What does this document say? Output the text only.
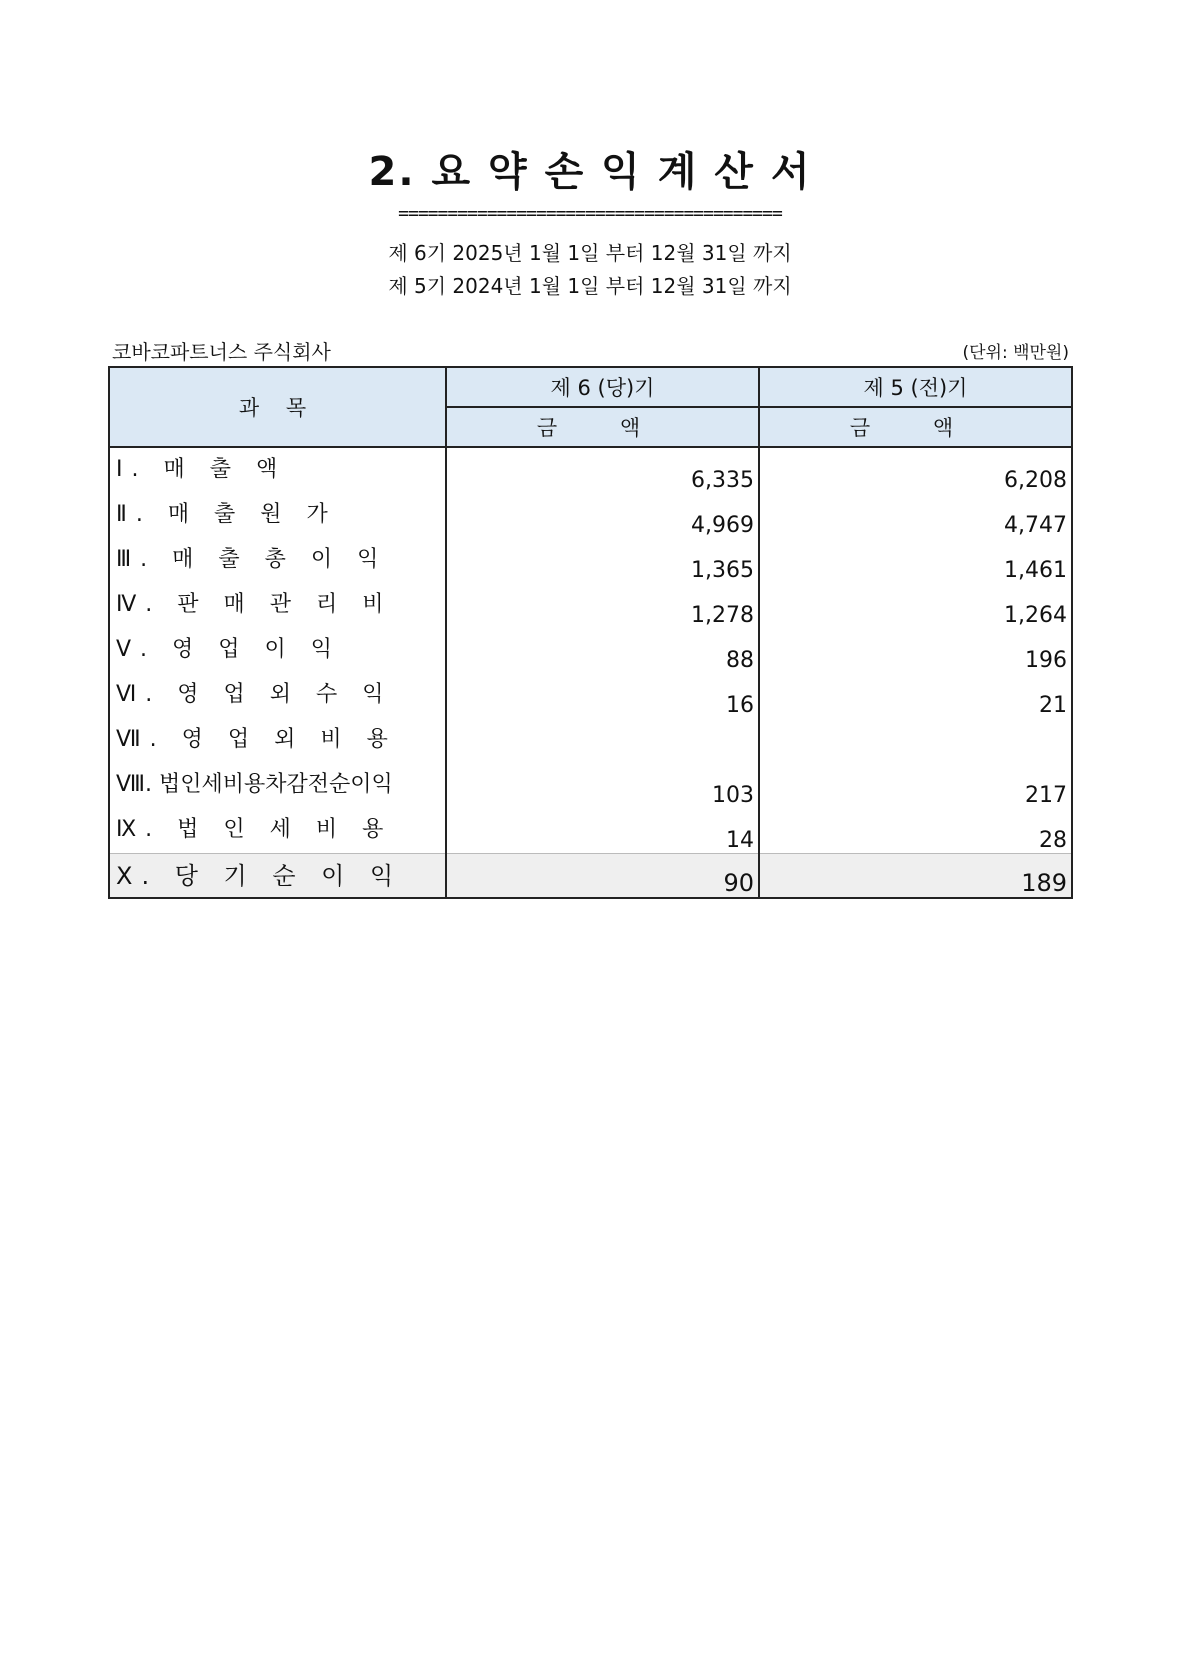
2. 요 약 손 익 계 산 서
=======================================
제 6기 2025년 1월 1일 부터 12월 31일 까지
제 5기 2024년 1월 1일 부터 12월 31일 까지
코바코파트너스 주식회사	(단위: 백만원)
과 목	제 6 (당)기	제 5 (전)기
	금 액	금 액
Ⅰ. 매 출 액	6,335	6,208
Ⅱ. 매 출 원 가	4,969	4,747
Ⅲ. 매 출 총 이 익	1,365	1,461
Ⅳ. 판 매 관 리 비	1,278	1,264
Ⅴ. 영 업 이 익	88	196
Ⅵ. 영 업 외 수 익	16	21
Ⅶ. 영 업 외 비 용		
Ⅷ. 법인세비용차감전순이익	103	217
Ⅸ. 법 인 세 비 용	14	28
Ⅹ. 당 기 순 이 익	90	189
